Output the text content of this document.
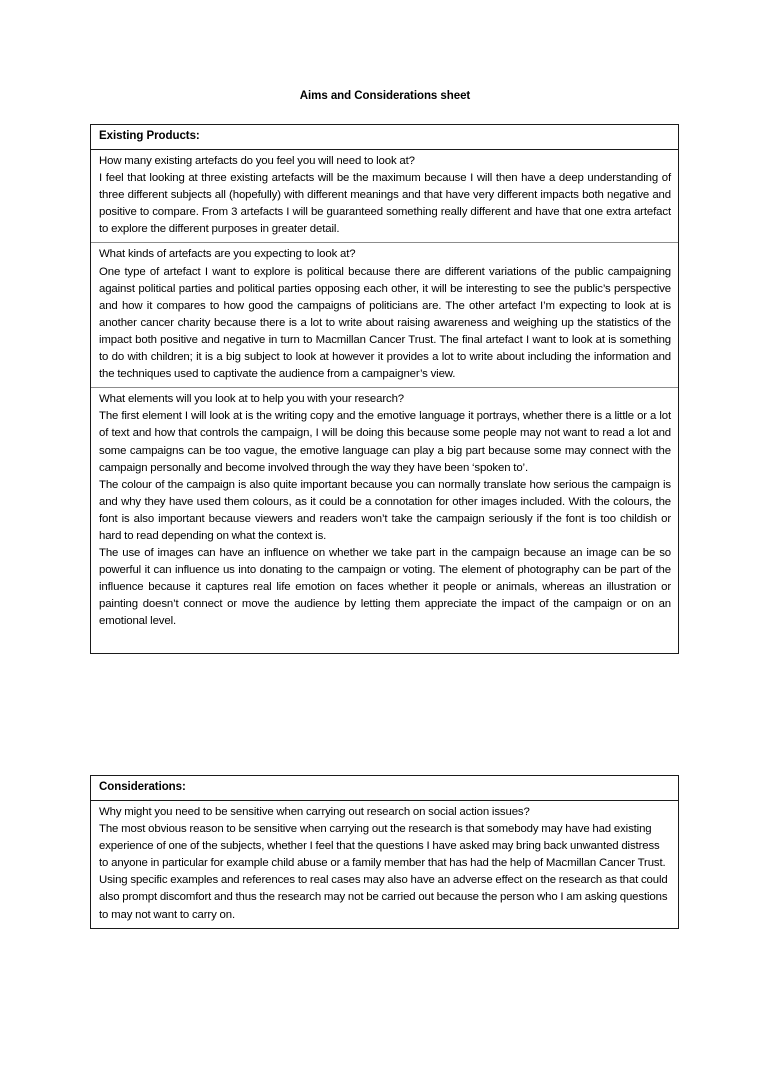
Aims and Considerations sheet
Existing Products:

How many existing artefacts do you feel you will need to look at?

I feel that looking at three existing artefacts will be the maximum because I will then have a deep understanding of three different subjects all (hopefully) with different meanings and that have very different impacts both negative and positive to compare. From 3 artefacts I will be guaranteed something really different and have that one extra artefact to explore the different purposes in greater detail.

What kinds of artefacts are you expecting to look at?

One type of artefact I want to explore is political because there are different variations of the public campaigning against political parties and political parties opposing each other, it will be interesting to see the public’s perspective and how it compares to how good the campaigns of politicians are. The other artefact I’m expecting to look at is another cancer charity because there is a lot to write about raising awareness and weighing up the statistics of the impact both positive and negative in turn to Macmillan Cancer Trust. The final artefact I want to look at is something to do with children; it is a big subject to look at however it provides a lot to write about including the information and the techniques used to captivate the audience from a campaigner’s view.

What elements will you look at to help you with your research?

The first element I will look at is the writing copy and the emotive language it portrays, whether there is a little or a lot of text and how that controls the campaign, I will be doing this because some people may not want to read a lot and some campaigns can be too vague, the emotive language can play a big part because some may connect with the campaign personally and become involved through the way they have been ‘spoken to’.

The colour of the campaign is also quite important because you can normally translate how serious the campaign is and why they have used them colours, as it could be a connotation for other images included. With the colours, the font is also important because viewers and readers won’t take the campaign seriously if the font is too childish or hard to read depending on what the context is.

The use of images can have an influence on whether we take part in the campaign because an image can be so powerful it can influence us into donating to the campaign or voting. The element of photography can be part of the influence because it captures real life emotion on faces whether it people or animals, whereas an illustration or painting doesn’t connect or move the audience by letting them appreciate the impact of the campaign or on an emotional level.

Considerations:

Why might you need to be sensitive when carrying out research on social action issues?

The most obvious reason to be sensitive when carrying out the research is that somebody may have had existing experience of one of the subjects, whether I feel that the questions I have asked may bring back unwanted distress to anyone in particular for example child abuse or a family member that has had the help of Macmillan Cancer Trust. Using specific examples and references to real cases may also have an adverse effect on the research as that could also prompt discomfort and thus the research may not be carried out because the person who I am asking questions to may not want to carry on.
